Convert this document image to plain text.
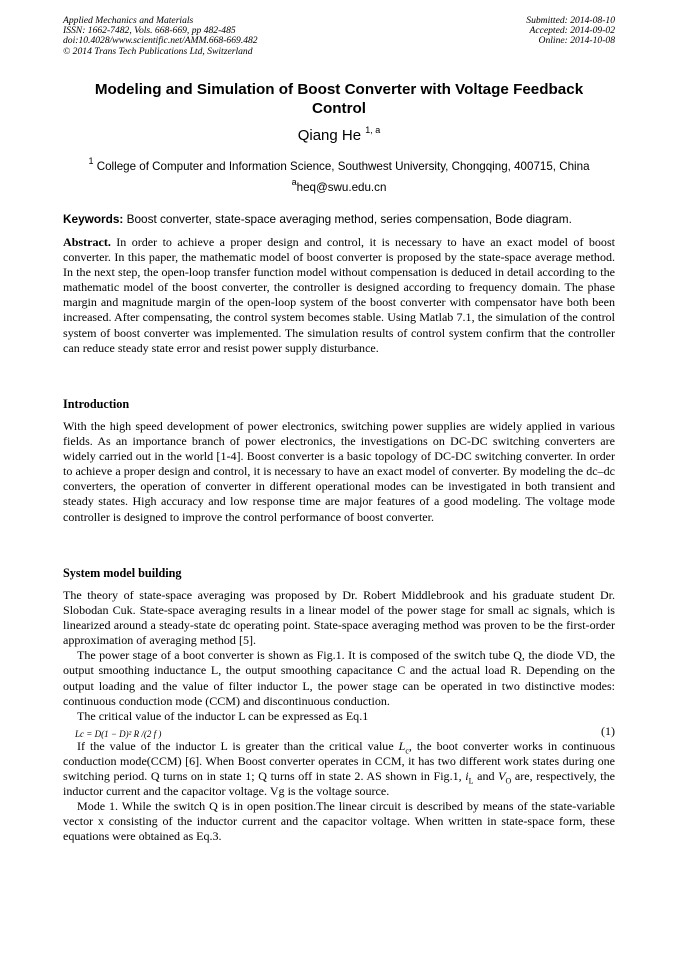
Applied Mechanics and Materials
ISSN: 1662-7482, Vols. 668-669, pp 482-485
doi:10.4028/www.scientific.net/AMM.668-669.482
© 2014 Trans Tech Publications Ltd, Switzerland
Submitted: 2014-08-10
Accepted: 2014-09-02
Online: 2014-10-08
Modeling and Simulation of Boost Converter with Voltage Feedback
Control
Qiang He $^{1, a}$
$^1$ College of Computer and Information Science, Southwest University, Chongqing, 400715, China
$^a$heq@swu.edu.cn
Keywords: Boost converter, state-space averaging method, series compensation, Bode diagram.

Abstract. In order to achieve a proper design and control, it is necessary to have an exact model of boost converter. In this paper, the mathematic model of boost converter is proposed by the state-space average method. In the next step, the open-loop transfer function model without compensation is deduced in detail according to the mathematic model of the boost converter, the controller is designed according to frequency domain. The phase margin and magnitude margin of the open-loop system of the boost converter with compensator have both been increased. After compensating, the control system becomes stable. Using Matlab 7.1, the simulation of the control system of boost converter was implemented. The simulation results of control system confirm that the controller can reduce steady state error and resist power supply disturbance.

Introduction

With the high speed development of power electronics, switching power supplies are widely applied in various fields. As an importance branch of power electronics, the investigations on DC-DC switching converters are widely carried out in the world [1-4]. Boost converter is a basic topology of DC-DC switching converter. In order to achieve a proper design and control, it is necessary to have an exact model of converter. By modeling the dc–dc converters, the operation of converter in different operational modes can be investigated in both transient and steady states. High accuracy and low response time are major features of a good modeling. The voltage mode controller is designed to improve the control performance of boost converter.

System model building

The theory of state-space averaging was proposed by Dr. Robert Middlebrook and his graduate student Dr. Slobodan Cuk. State-space averaging results in a linear model of the power stage for small ac signals, which is linearized around a steady-state dc operating point. State-space averaging method was proven to be the first-order approximation of averaging method [5].

The power stage of a boot converter is shown as Fig.1. It is composed of the switch tube Q, the diode VD, the output smoothing inductance L, the output smoothing capacitance C and the actual load R. Depending on the output loading and the value of filter inductor L, the power stage can be operated in two distinctive modes: continuous conduction mode (CCM) and discontinuous conduction.

The critical value of the inductor L can be expressed as Eq.1

Lc = D(1 − D)² R /(2 f )	(1)

If the value of the inductor L is greater than the critical value $L_c$, the boot converter works in continuous conduction mode(CCM) [6]. When Boost converter operates in CCM, it has two different work states during one switching period. Q turns on in state 1; Q turns off in state 2. AS shown in Fig.1, $i_L$ and $V_O$ are, respectively, the inductor current and the capacitor voltage. Vg is the voltage source.

Mode 1. While the switch Q is in open position.The linear circuit is described by means of the state-variable vector x consisting of the inductor current and the capacitor voltage. When written in state-space form, these equations were obtained as Eq.3.
